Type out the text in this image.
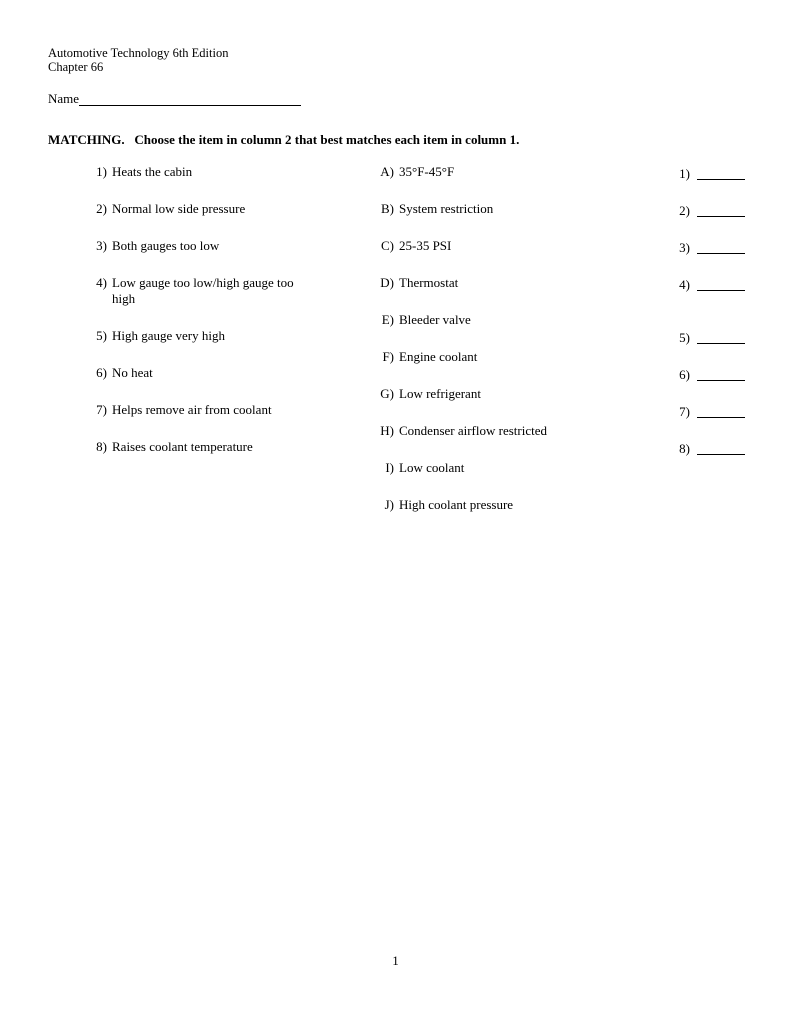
Automotive Technology 6th Edition
Chapter 66
Name
MATCHING.   Choose the item in column 2 that best matches each item in column 1.
1) Heats the cabin
2) Normal low side pressure
3) Both gauges too low
4) Low gauge too low/high gauge too high
5) High gauge very high
6) No heat
7) Helps remove air from coolant
8) Raises coolant temperature
A) 35°F-45°F
B) System restriction
C) 25-35 PSI
D) Thermostat
E) Bleeder valve
F) Engine coolant
G) Low refrigerant
H) Condenser airflow restricted
I) Low coolant
J) High coolant pressure
1)
2)
3)
4)
5)
6)
7)
8)
1
